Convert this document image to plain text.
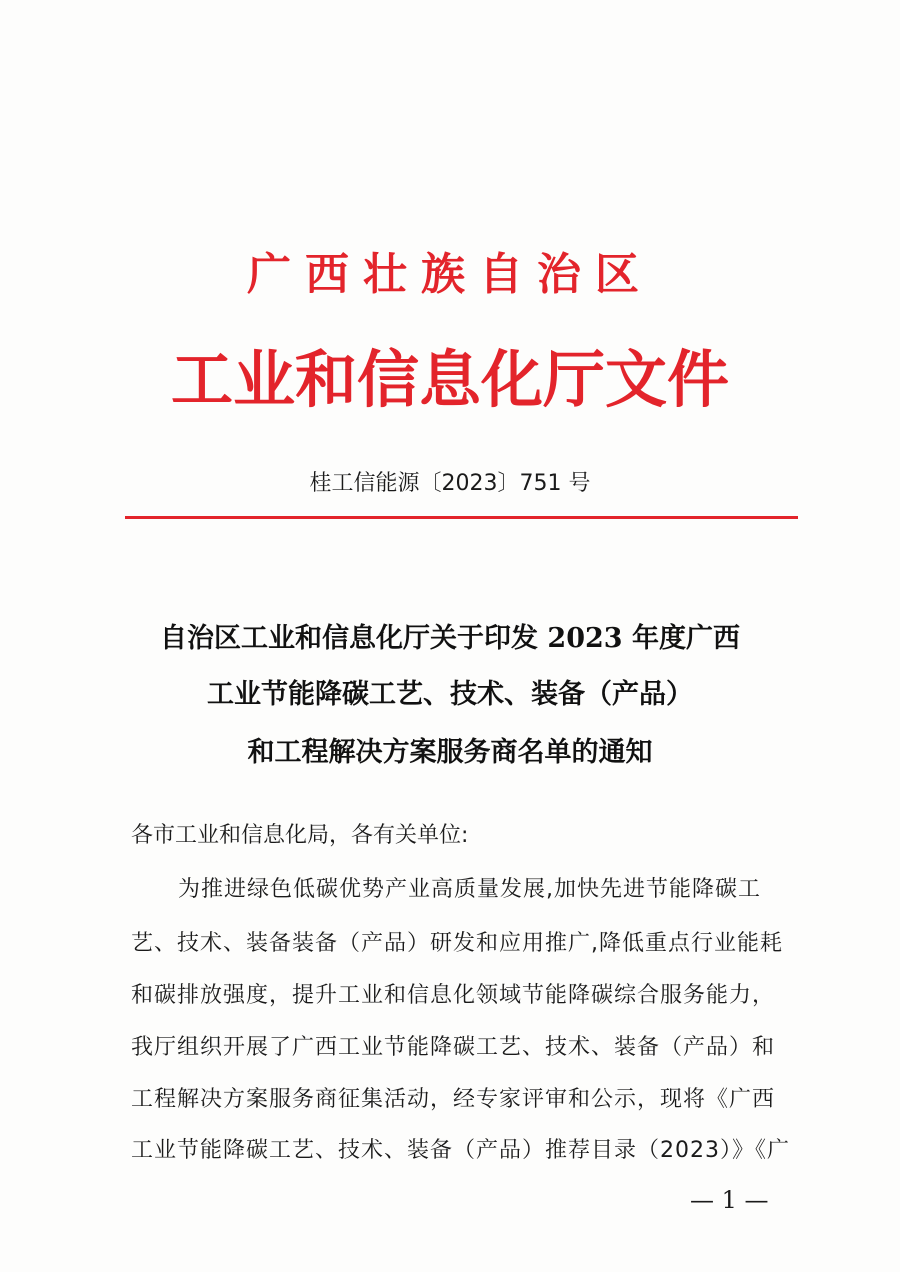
广西壮族自治区
工业和信息化厅文件
桂工信能源〔2023〕751 号
自治区工业和信息化厅关于印发 2023 年度广西
工业节能降碳工艺、技术、装备（产品）
和工程解决方案服务商名单的通知
各市工业和信息化局，各有关单位:
为推进绿色低碳优势产业高质量发展,加快先进节能降碳工
艺、技术、装备装备（产品）研发和应用推广,降低重点行业能耗
和碳排放强度，提升工业和信息化领域节能降碳综合服务能力，
我厅组织开展了广西工业节能降碳工艺、技术、装备（产品）和
工程解决方案服务商征集活动，经专家评审和公示，现将《广西
工业节能降碳工艺、技术、装备（产品）推荐目录（2023）》《广
— 1 —
